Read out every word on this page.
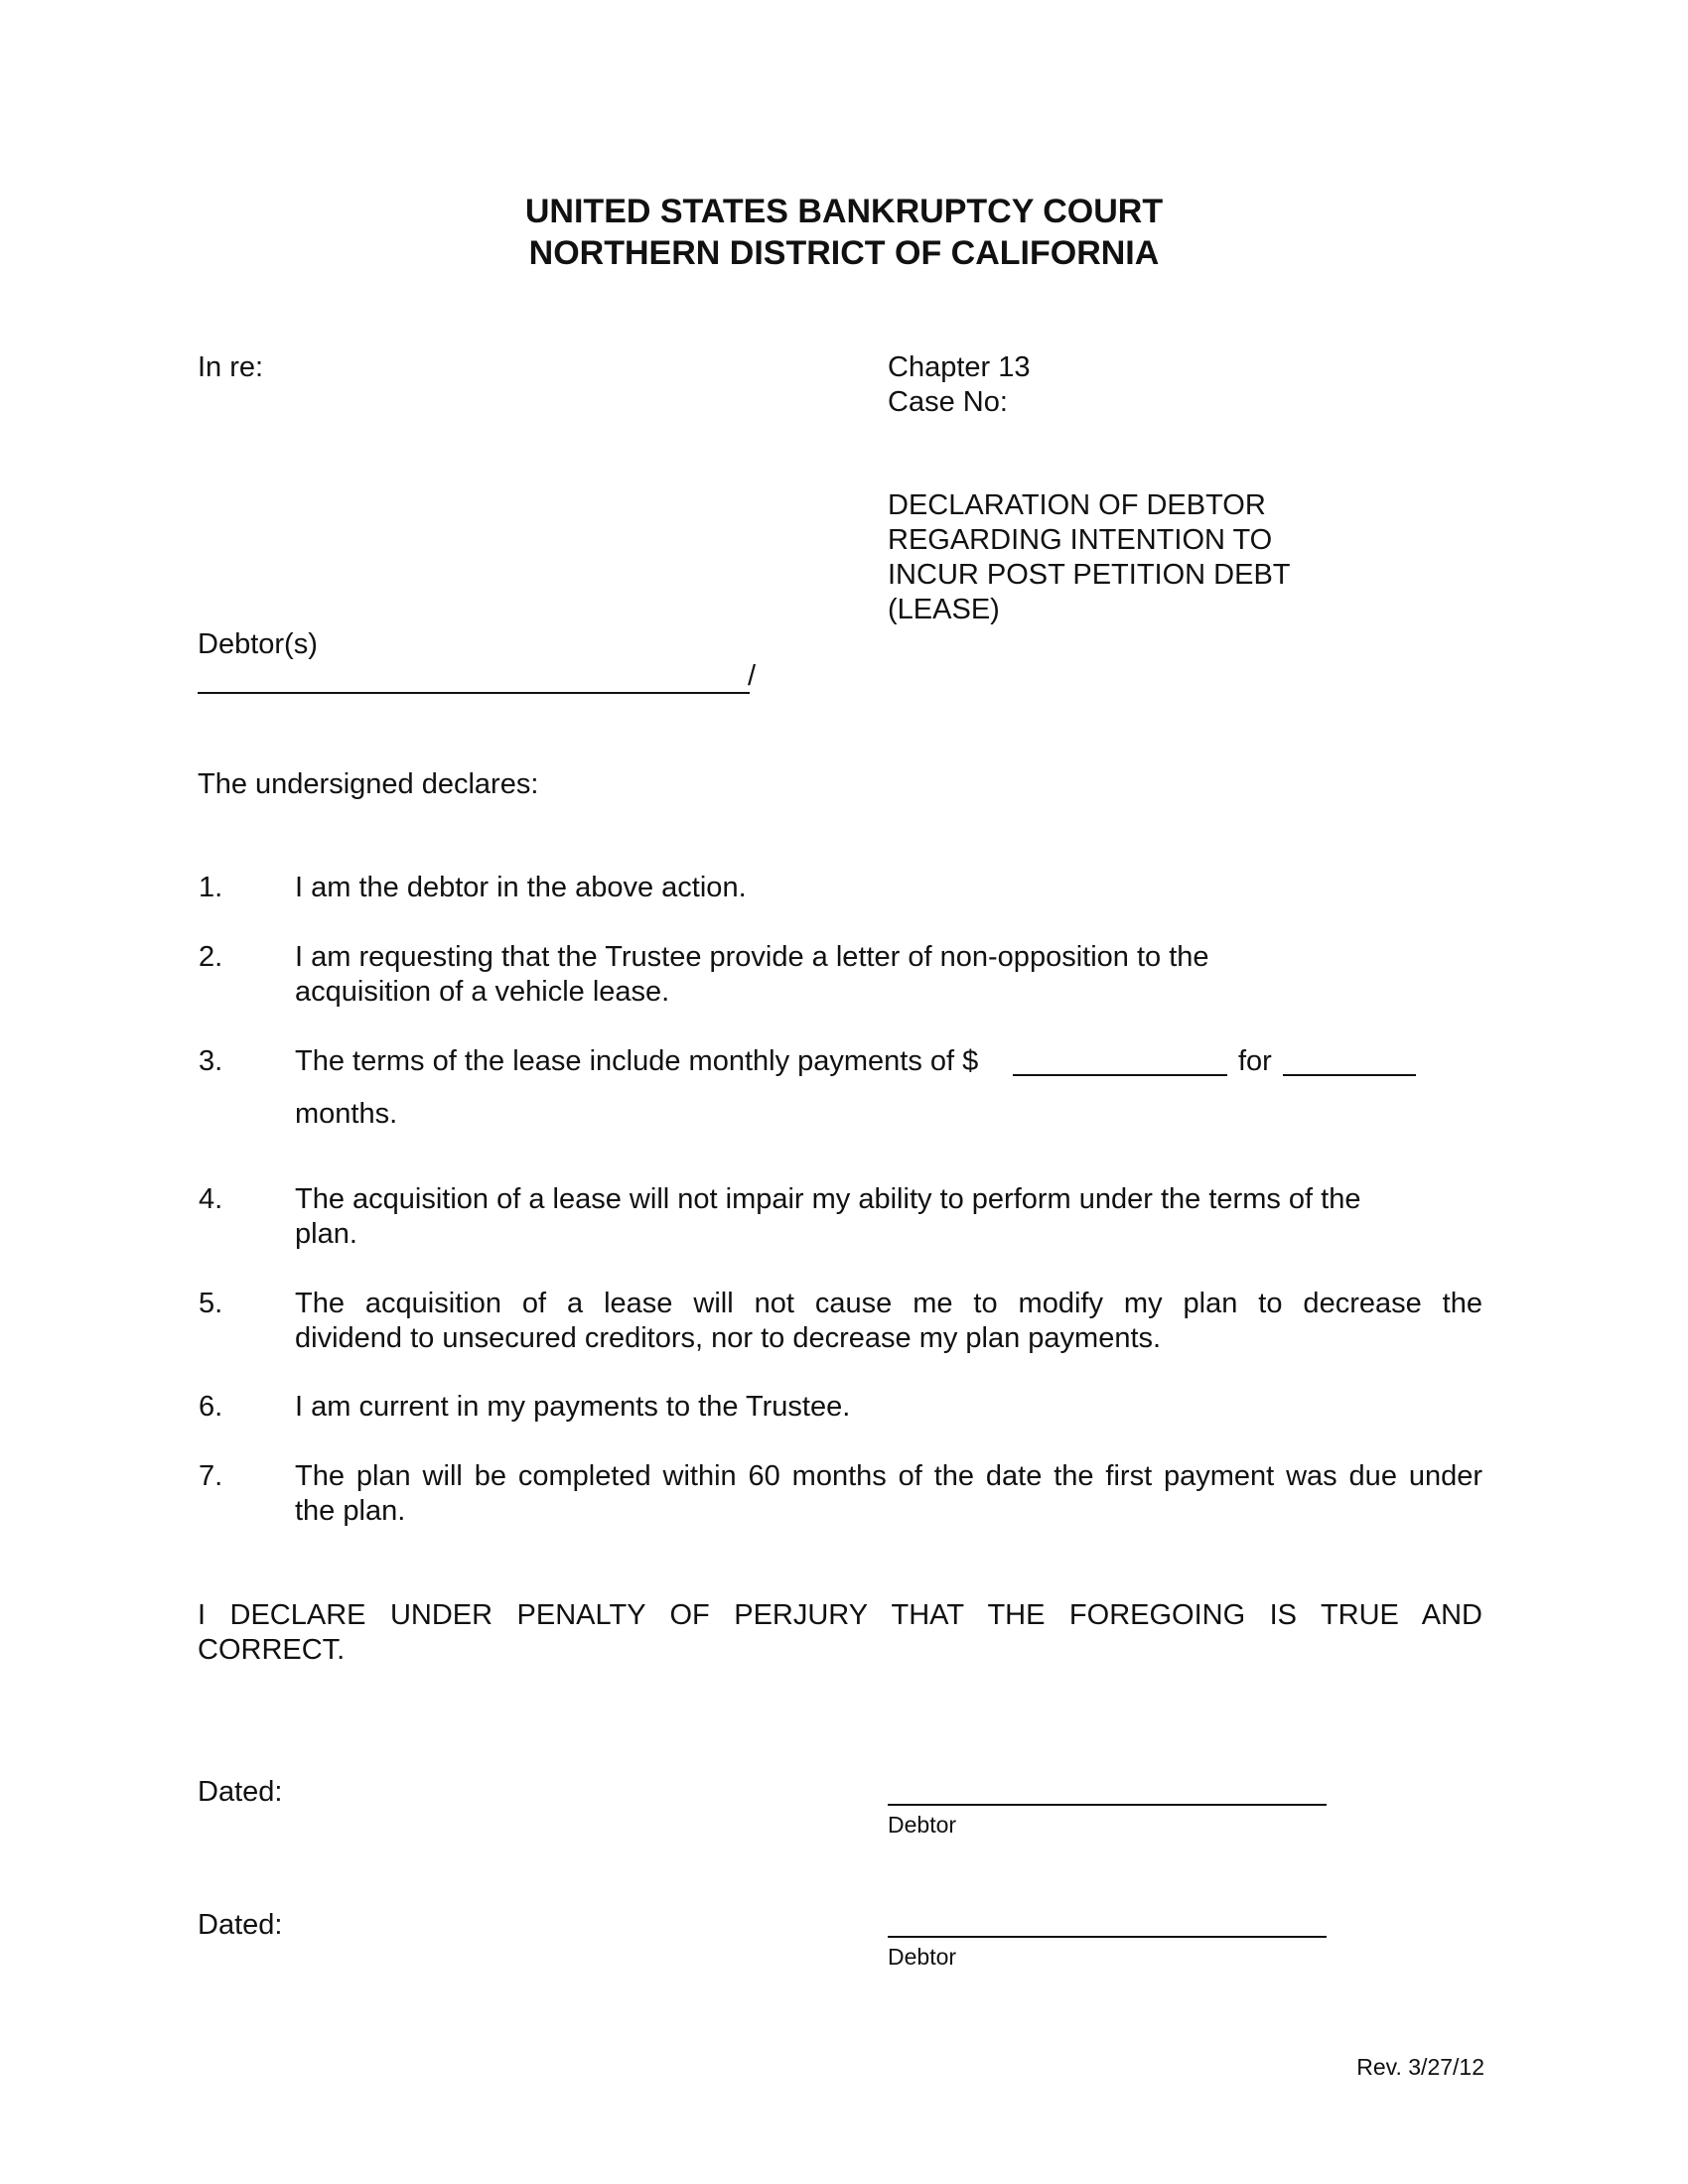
UNITED STATES BANKRUPTCY COURT
NORTHERN DISTRICT OF CALIFORNIA
In re:
Debtor(s)
/
Chapter 13
Case No:
DECLARATION OF DEBTOR
REGARDING INTENTION TO
INCUR POST PETITION DEBT
(LEASE)
The undersigned declares:
1.	I am the debtor in the above action.
2.	I am requesting that the Trustee provide a letter of non-opposition to the
acquisition of a vehicle lease.
3.	The terms of the lease include monthly payments of $	for
months.
4.	The acquisition of a lease will not impair my ability to perform under the terms of the
plan.
5.	The acquisition of a lease will not cause me to modify my plan to decrease the
dividend to unsecured creditors, nor to decrease my plan payments.
6.	I am current in my payments to the Trustee.
7.	The plan will be completed within 60 months of the date the first payment was due under
the plan.
I DECLARE UNDER PENALTY OF PERJURY THAT THE FOREGOING IS TRUE AND
CORRECT.
Dated:
Debtor
Dated:
Debtor
Rev. 3/27/12
